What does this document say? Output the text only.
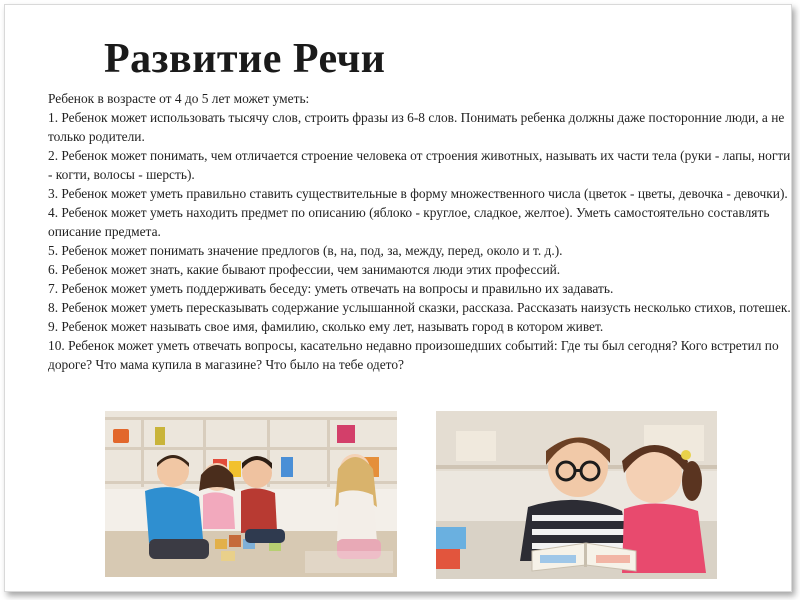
Развитие Речи

Ребенок в возрасте от 4 до 5 лет может уметь:

1. Ребенок может использовать тысячу слов, строить фразы из 6-8 слов. Понимать ребенка должны даже посторонние люди, а не только родители.

2. Ребенок может понимать, чем отличается строение человека от строения животных, называть их части тела (руки - лапы, ногти - когти, волосы - шерсть).

3. Ребенок может уметь правильно ставить существительные в форму множественного числа (цветок - цветы, девочка - девочки).

4. Ребенок может уметь находить предмет по описанию (яблоко - круглое, сладкое, желтое). Уметь самостоятельно составлять описание предмета.

5. Ребенок может понимать значение предлогов (в, на, под, за, между, перед, около и т. д.).

6. Ребенок может знать, какие бывают профессии, чем занимаются люди этих профессий.

7. Ребенок может уметь поддерживать беседу: уметь отвечать на вопросы и правильно их задавать.

8. Ребенок может уметь пересказывать содержание услышанной сказки, рассказа. Рассказать наизусть несколько стихов, потешек.

9. Ребенок может называть свое имя, фамилию, сколько ему лет, называть город в котором живет.

10. Ребенок может уметь отвечать вопросы, касательно недавно произошедших событий: Где ты был сегодня? Кого встретил по дороге? Что мама купила в магазине? Что было на тебе одето?
